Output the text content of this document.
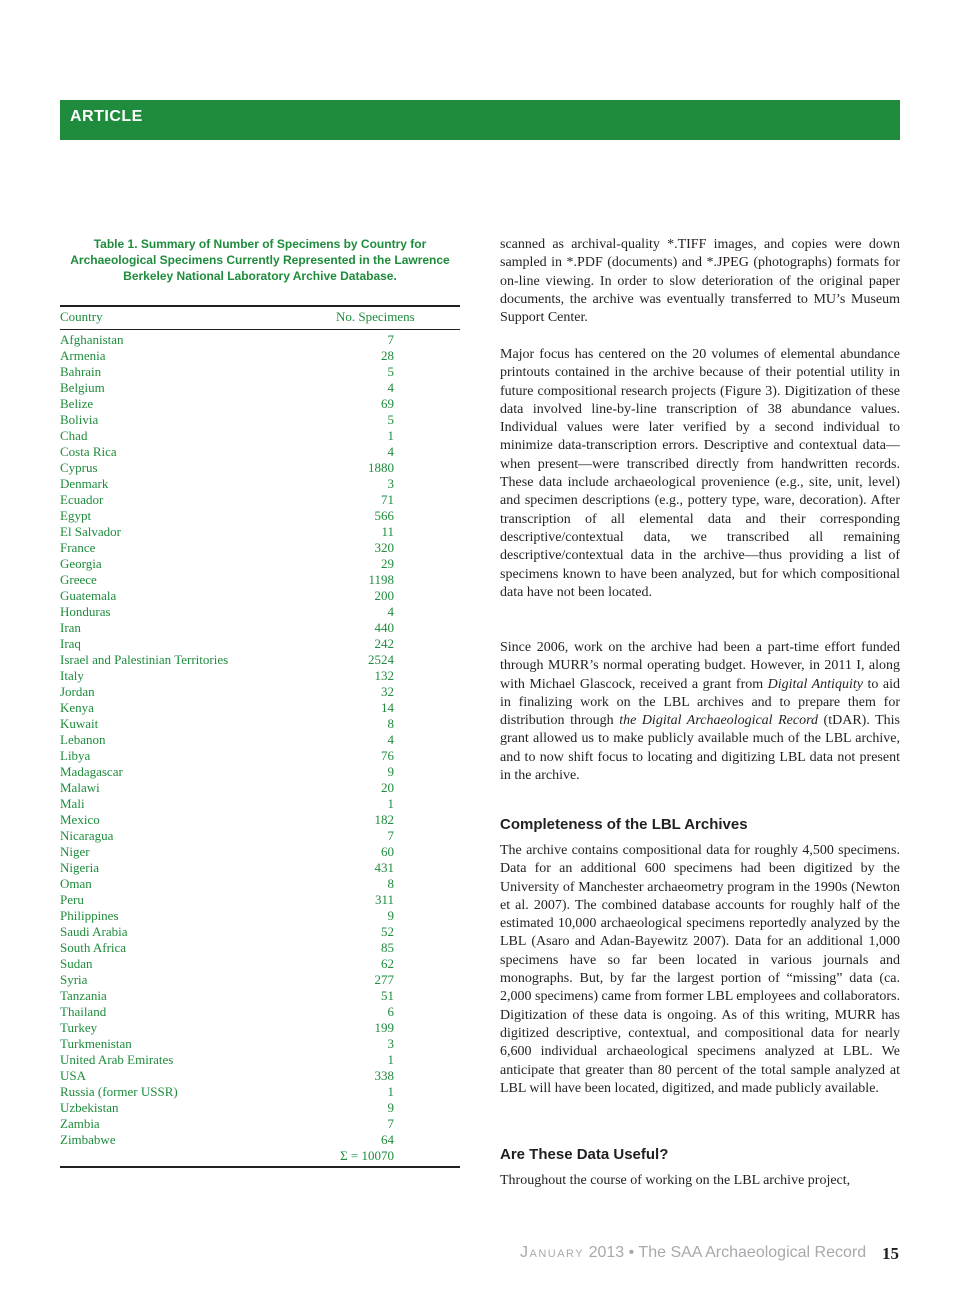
ARTICLE
Table 1. Summary of Number of Specimens by Country for Archaeological Specimens Currently Represented in the Lawrence Berkeley National Laboratory Archive Database.
Country	No. Specimens
Afghanistan	7
Armenia	28
Bahrain	5
Belgium	4
Belize	69
Bolivia	5
Chad	1
Costa Rica	4
Cyprus	1880
Denmark	3
Ecuador	71
Egypt	566
El Salvador	11
France	320
Georgia	29
Greece	1198
Guatemala	200
Honduras	4
Iran	440
Iraq	242
Israel and Palestinian Territories	2524
Italy	132
Jordan	32
Kenya	14
Kuwait	8
Lebanon	4
Libya	76
Madagascar	9
Malawi	20
Mali	1
Mexico	182
Nicaragua	7
Niger	60
Nigeria	431
Oman	8
Peru	311
Philippines	9
Saudi Arabia	52
South Africa	85
Sudan	62
Syria	277
Tanzania	51
Thailand	6
Turkey	199
Turkmenistan	3
United Arab Emirates	1
USA	338
Russia (former USSR)	1
Uzbekistan	9
Zambia	7
Zimbabwe	64
Σ = 10070

scanned as archival-quality *.TIFF images, and copies were down sampled in *.PDF (documents) and *.JPEG (photographs) formats for on-line viewing. In order to slow deterioration of the original paper documents, the archive was eventually transferred to MU’s Museum Support Center.

Major focus has centered on the 20 volumes of elemental abundance printouts contained in the archive because of their potential utility in future compositional research projects (Figure 3). Digitization of these data involved line-by-line transcription of 38 abundance values. Individual values were later verified by a second individual to minimize data-transcription errors. Descriptive and contextual data—when present—were transcribed directly from handwritten records. These data include archaeological provenience (e.g., site, unit, level) and specimen descriptions (e.g., pottery type, ware, decoration). After transcription of all elemental data and their corresponding descriptive/contextual data, we transcribed all remaining descriptive/contextual data in the archive—thus providing a list of specimens known to have been analyzed, but for which compositional data have not been located.

Since 2006, work on the archive had been a part-time effort funded through MURR’s normal operating budget. However, in 2011 I, along with Michael Glascock, received a grant from Digital Antiquity to aid in finalizing work on the LBL archives and to prepare them for distribution through the Digital Archaeological Record (tDAR). This grant allowed us to make publicly available much of the LBL archive, and to now shift focus to locating and digitizing LBL data not present in the archive.

Completeness of the LBL Archives

The archive contains compositional data for roughly 4,500 specimens. Data for an additional 600 specimens had been digitized by the University of Manchester archaeometry program in the 1990s (Newton et al. 2007). The combined database accounts for roughly half of the estimated 10,000 archaeological specimens reportedly analyzed by the LBL (Asaro and Adan-Bayewitz 2007). Data for an additional 1,000 specimens have so far been located in various journals and monographs. But, by far the largest portion of “missing” data (ca. 2,000 specimens) came from former LBL employees and collaborators. Digitization of these data is ongoing. As of this writing, MURR has digitized descriptive, contextual, and compositional data for nearly 6,600 individual archaeological specimens analyzed at LBL. We anticipate that greater than 80 percent of the total sample analyzed at LBL will have been located, digitized, and made publicly available.

Are These Data Useful?

Throughout the course of working on the LBL archive project,

January 2013 • The SAA Archaeological Record 15
